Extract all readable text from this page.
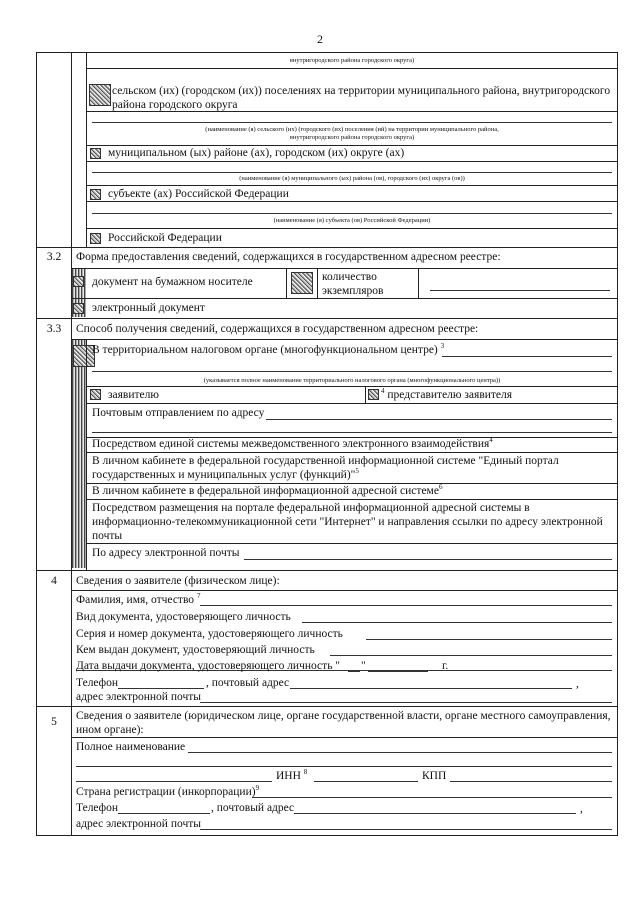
2
внутригородского района городского округа)
сельском (их) (городском (их)) поселениях на территории муниципального района, внутригородского района городского округа
(наименование (я) сельского (их) (городского (их) поселения (ий) на территории муниципального района,
внутригородского района городского округа)
муниципальном (ых) районе (ах), городском (их) округе (ах)
(наименование (я) муниципального (ых) района (ов), городского (их) округа (ов))
субъекте (ах) Российской Федерации
(наименование (я) субъекта (ов) Российской Федерации)
Российской Федерации
3.2	Форма предоставления сведений, содержащихся в государственном адресном реестре:
документ на бумажном носителе	количество экземпляров
электронный документ
3.3	Способ получения сведений, содержащихся в государственном адресном реестре:
В территориальном налоговом органе (многофункциональном центре) $^3$
(указывается полное наименование территориального налогового органа (многофункционального центра))
заявителю	$^4$ представителю заявителя
Почтовым отправлением по адресу
Посредством единой системы межведомственного электронного взаимодействия$^4$
В личном кабинете в федеральной государственной информационной системе "Единый портал государственных и муниципальных услуг (функций)"$^5$
В личном кабинете в федеральной информационной адресной системе$^6$
Посредством размещения на портале федеральной информационной адресной системы в информационно-телекоммуникационной сети "Интернет" и направления ссылки по адресу электронной почты
По адресу электронной почты
4	Сведения о заявителе (физическом лице):
Фамилия, имя, отчество $^7$
Вид документа, удостоверяющего личность
Серия и номер документа, удостоверяющего личность
Кем выдан документ, удостоверяющий личность
Дата выдачи документа, удостоверяющего личность " "	г.
Телефон	, почтовый адрес	,
адрес электронной почты
5	Сведения о заявителе (юридическом лице, органе государственной власти, органе местного самоуправления, ином органе):
Полное наименование
ИНН $^8$	КПП
Страна регистрации (инкорпорации)$^9$
Телефон	, почтовый адрес	,
адрес электронной почты
